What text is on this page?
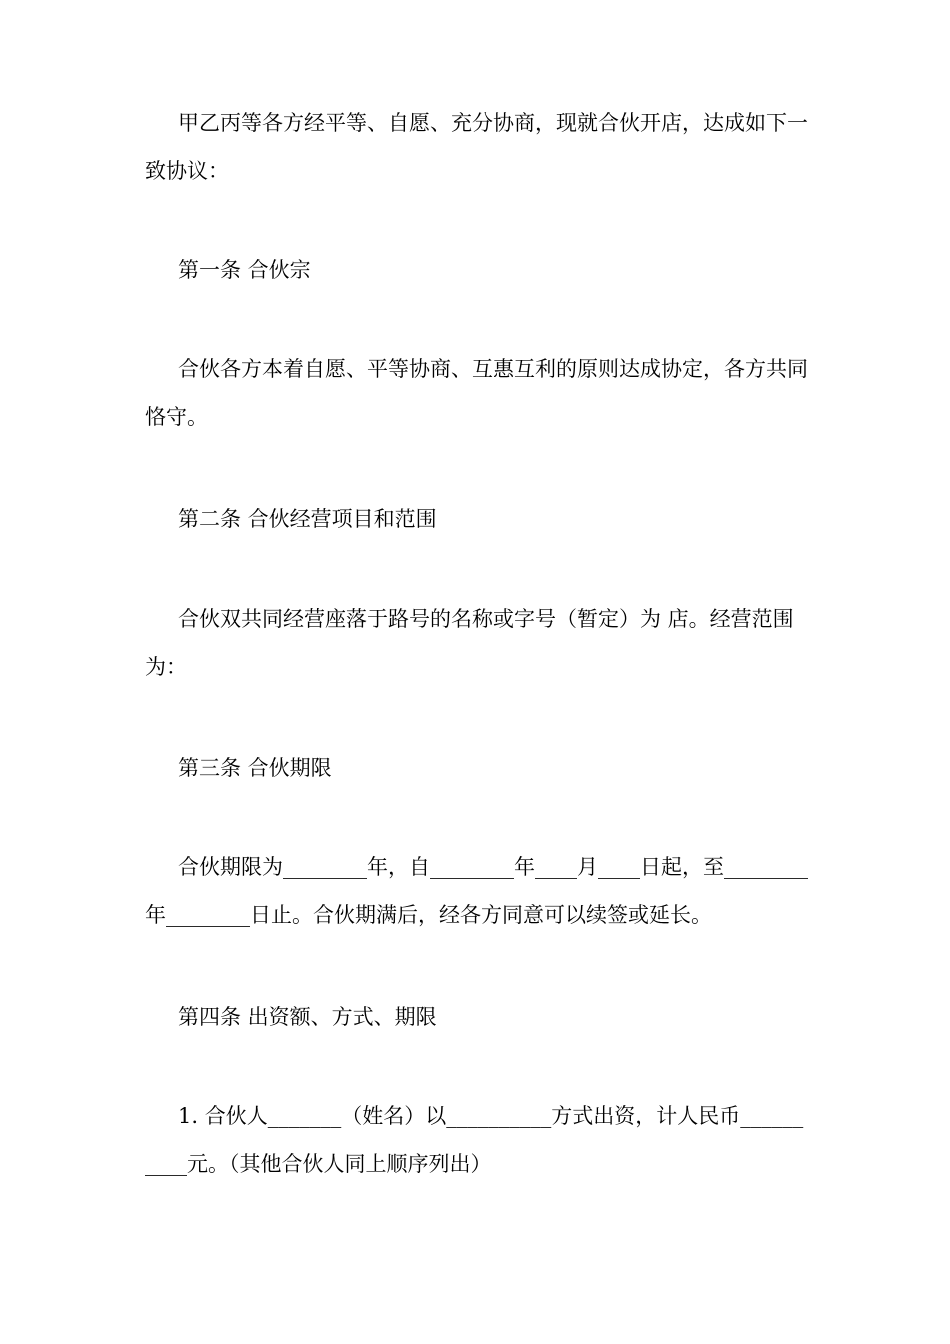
甲乙丙等各方经平等、自愿、充分协商，现就合伙开店，达成如下一致协议：

第一条 合伙宗

合伙各方本着自愿、平等协商、互惠互利的原则达成协定，各方共同恪守。

第二条 合伙经营项目和范围

合伙双共同经营座落于路号的名称或字号（暂定）为 店。经营范围为：

第三条 合伙期限

合伙期限为________年，自________年____月____日起，至________年________日止。合伙期满后，经各方同意可以续签或延长。

第四条 出资额、方式、期限

1. 合伙人_______（姓名）以__________方式出资，计人民币__________元。（其他合伙人同上顺序列出）
